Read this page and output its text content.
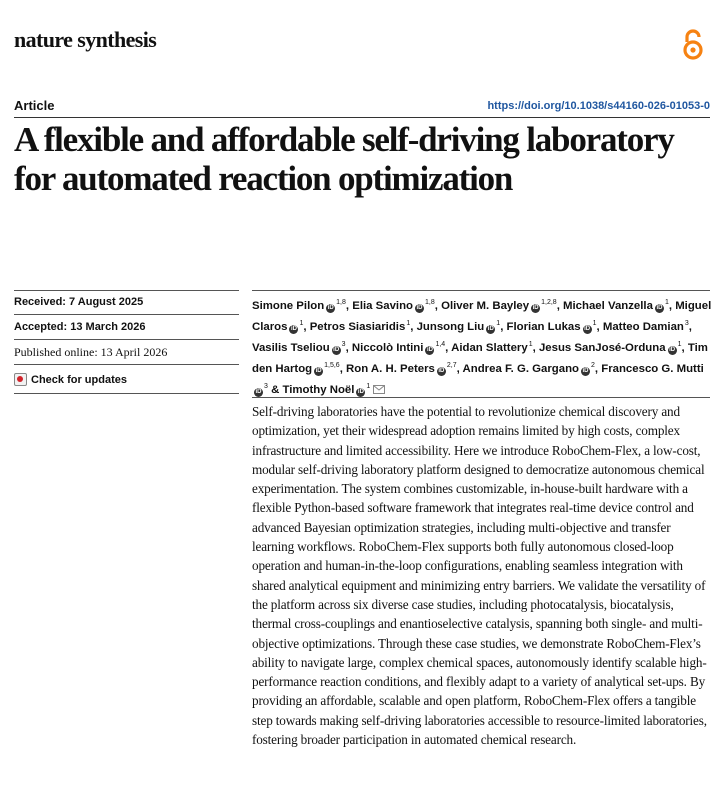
nature synthesis
Article	https://doi.org/10.1038/s44160-026-01053-0
A flexible and affordable self-driving laboratory for automated reaction optimization
Received: 7 August 2025
Accepted: 13 March 2026
Published online: 13 April 2026
Check for updates

Simone Pilon iD$^{1,8}$, Elia Savino iD$^{1,8}$, Oliver M. Bayley iD$^{1,2,8}$, Michael Vanzella iD$^1$, Miguel Claros iD$^1$, Petros Siasiaridis$^1$, Junsong Liu iD$^1$, Florian Lukas iD$^1$, Matteo Damian$^3$, Vasilis Tseliou iD$^3$, Niccolò Intini iD$^{1,4}$, Aidan Slattery$^1$, Jesus SanJosé-Orduna iD$^1$, Tim den Hartog iD$^{1,5,6}$, Ron A. H. Peters iD$^{2,7}$, Andrea F. G. Gargano iD$^2$, Francesco G. MuttiiD$^3$ & Timothy Noël iD$^1$

Self-driving laboratories have the potential to revolutionize chemical discovery and optimization, yet their widespread adoption remains limited by high costs, complex infrastructure and limited accessibility. Here we introduce RoboChem-Flex, a low-cost, modular self-driving laboratory platform designed to democratize autonomous chemical experimentation. The system combines customizable, in-house-built hardware with a flexible Python-based software framework that integrates real-time device control and advanced Bayesian optimization strategies, including multi-objective and transfer learning workflows. RoboChem-Flex supports both fully autonomous closed-loop operation and human-in-the-loop configurations, enabling seamless integration with shared analytical equipment and minimizing entry barriers. We validate the versatility of the platform across six diverse case studies, including photocatalysis, biocatalysis, thermal cross-couplings and enantioselective catalysis, spanning both single- and multi-objective optimizations. Through these case studies, we demonstrate RoboChem-Flex’s ability to navigate large, complex chemical spaces, autonomously identify scalable high-performance reaction conditions, and flexibly adapt to a variety of analytical set-ups. By providing an affordable, scalable and open platform, RoboChem-Flex offers a tangible step towards making self-driving laboratories accessible to resource-limited laboratories, fostering broader participation in automated chemical research.
